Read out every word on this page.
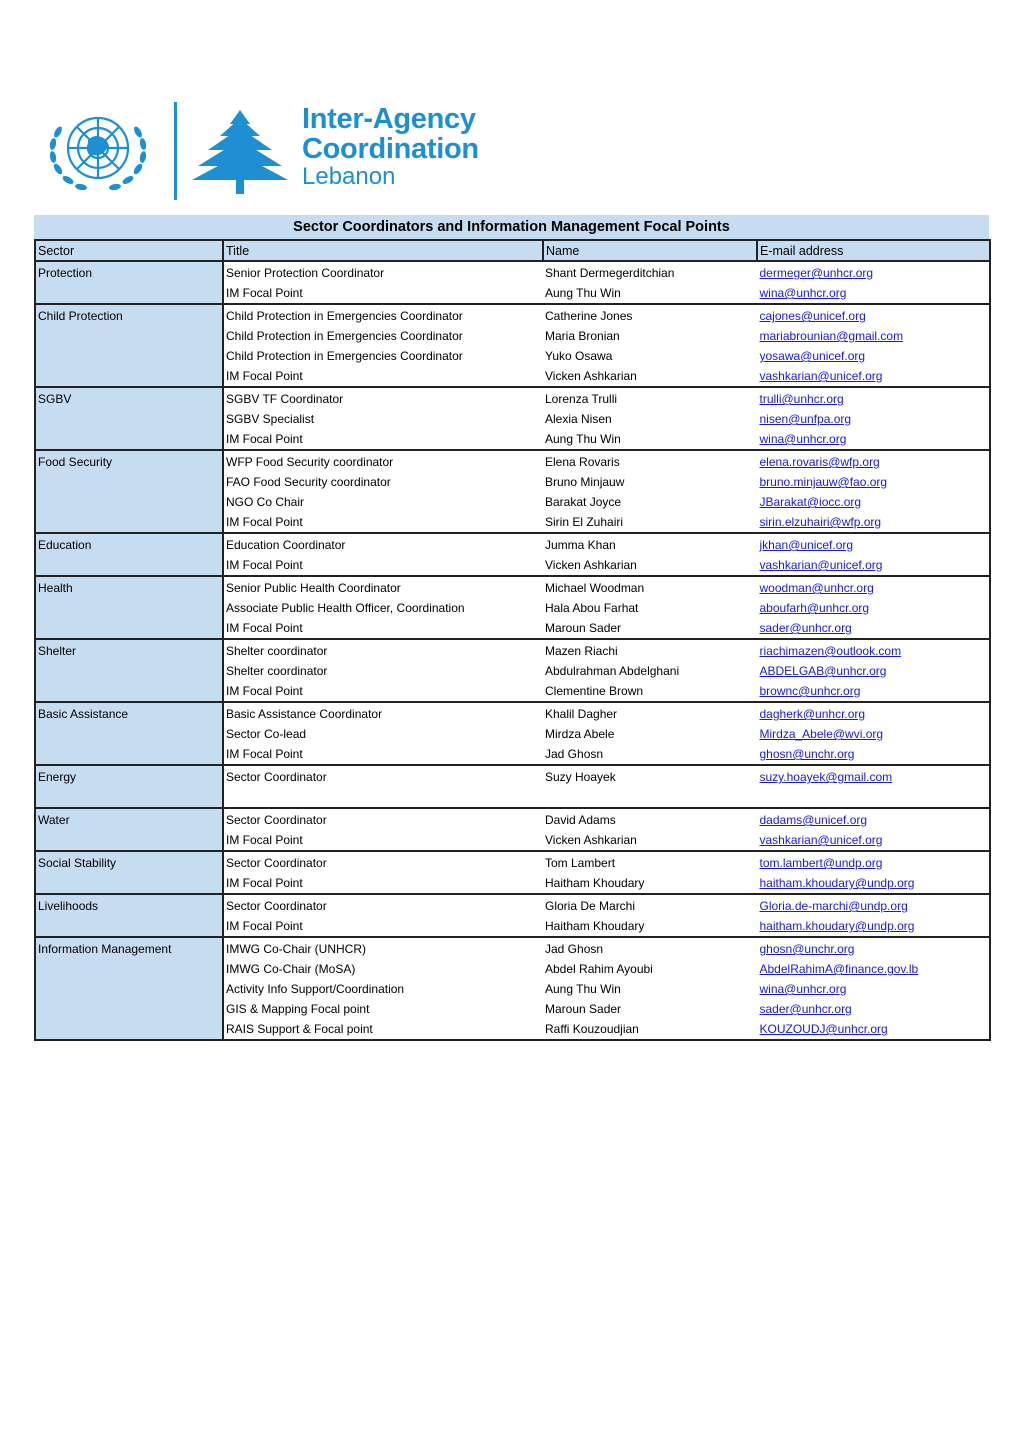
Inter-Agency
Coordination
Lebanon
Sector Coordinators and Information Management Focal Points
Sector	Title	Name	E-mail address
Protection	Senior Protection Coordinator	Shant Dermegerditchian	dermeger@unhcr.org
	IM Focal Point	Aung Thu Win	wina@unhcr.org
Child Protection	Child Protection in Emergencies Coordinator	Catherine Jones	cajones@unicef.org
	Child Protection in Emergencies Coordinator	Maria Bronian	mariabrounian@gmail.com
	Child Protection in Emergencies Coordinator	Yuko Osawa	yosawa@unicef.org
	IM Focal Point	Vicken Ashkarian	vashkarian@unicef.org
SGBV	SGBV TF Coordinator	Lorenza Trulli	trulli@unhcr.org
	SGBV Specialist	Alexia Nisen	nisen@unfpa.org
	IM Focal Point	Aung Thu Win	wina@unhcr.org
Food Security	WFP Food Security coordinator	Elena Rovaris	elena.rovaris@wfp.org
	FAO Food Security coordinator	Bruno Minjauw	bruno.minjauw@fao.org
	NGO Co Chair	Barakat Joyce	JBarakat@iocc.org
	IM Focal Point	Sirin El Zuhairi	sirin.elzuhairi@wfp.org
Education	Education Coordinator	Jumma Khan	jkhan@unicef.org
	IM Focal Point	Vicken Ashkarian	vashkarian@unicef.org
Health	Senior Public Health Coordinator	Michael Woodman	woodman@unhcr.org
	Associate Public Health Officer, Coordination	Hala Abou Farhat	aboufarh@unhcr.org
	IM Focal Point	Maroun Sader	sader@unhcr.org
Shelter	Shelter coordinator	Mazen Riachi	riachimazen@outlook.com
	Shelter coordinator	Abdulrahman Abdelghani	ABDELGAB@unhcr.org
	IM Focal Point	Clementine Brown	brownc@unhcr.org
Basic Assistance	Basic Assistance Coordinator	Khalil Dagher	dagherk@unhcr.org
	Sector Co-lead	Mirdza Abele	Mirdza_Abele@wvi.org
	IM Focal Point	Jad Ghosn	ghosn@unchr.org
Energy	Sector Coordinator	Suzy Hoayek	suzy.hoayek@gmail.com

Water	Sector Coordinator	David Adams	dadams@unicef.org
	IM Focal Point	Vicken Ashkarian	vashkarian@unicef.org
Social Stability	Sector Coordinator	Tom Lambert	tom.lambert@undp.org
	IM Focal Point	Haitham Khoudary	haitham.khoudary@undp.org
Livelihoods	Sector Coordinator	Gloria De Marchi	Gloria.de-marchi@undp.org
	IM Focal Point	Haitham Khoudary	haitham.khoudary@undp.org
Information Management	IMWG Co-Chair (UNHCR)	Jad Ghosn	ghosn@unchr.org
	IMWG Co-Chair (MoSA)	Abdel Rahim Ayoubi	AbdelRahimA@finance.gov.lb
	Activity Info Support/Coordination	Aung Thu Win	wina@unhcr.org
	GIS & Mapping Focal point	Maroun Sader	sader@unhcr.org
	RAIS Support & Focal point	Raffi Kouzoudjian	KOUZOUDJ@unhcr.org
